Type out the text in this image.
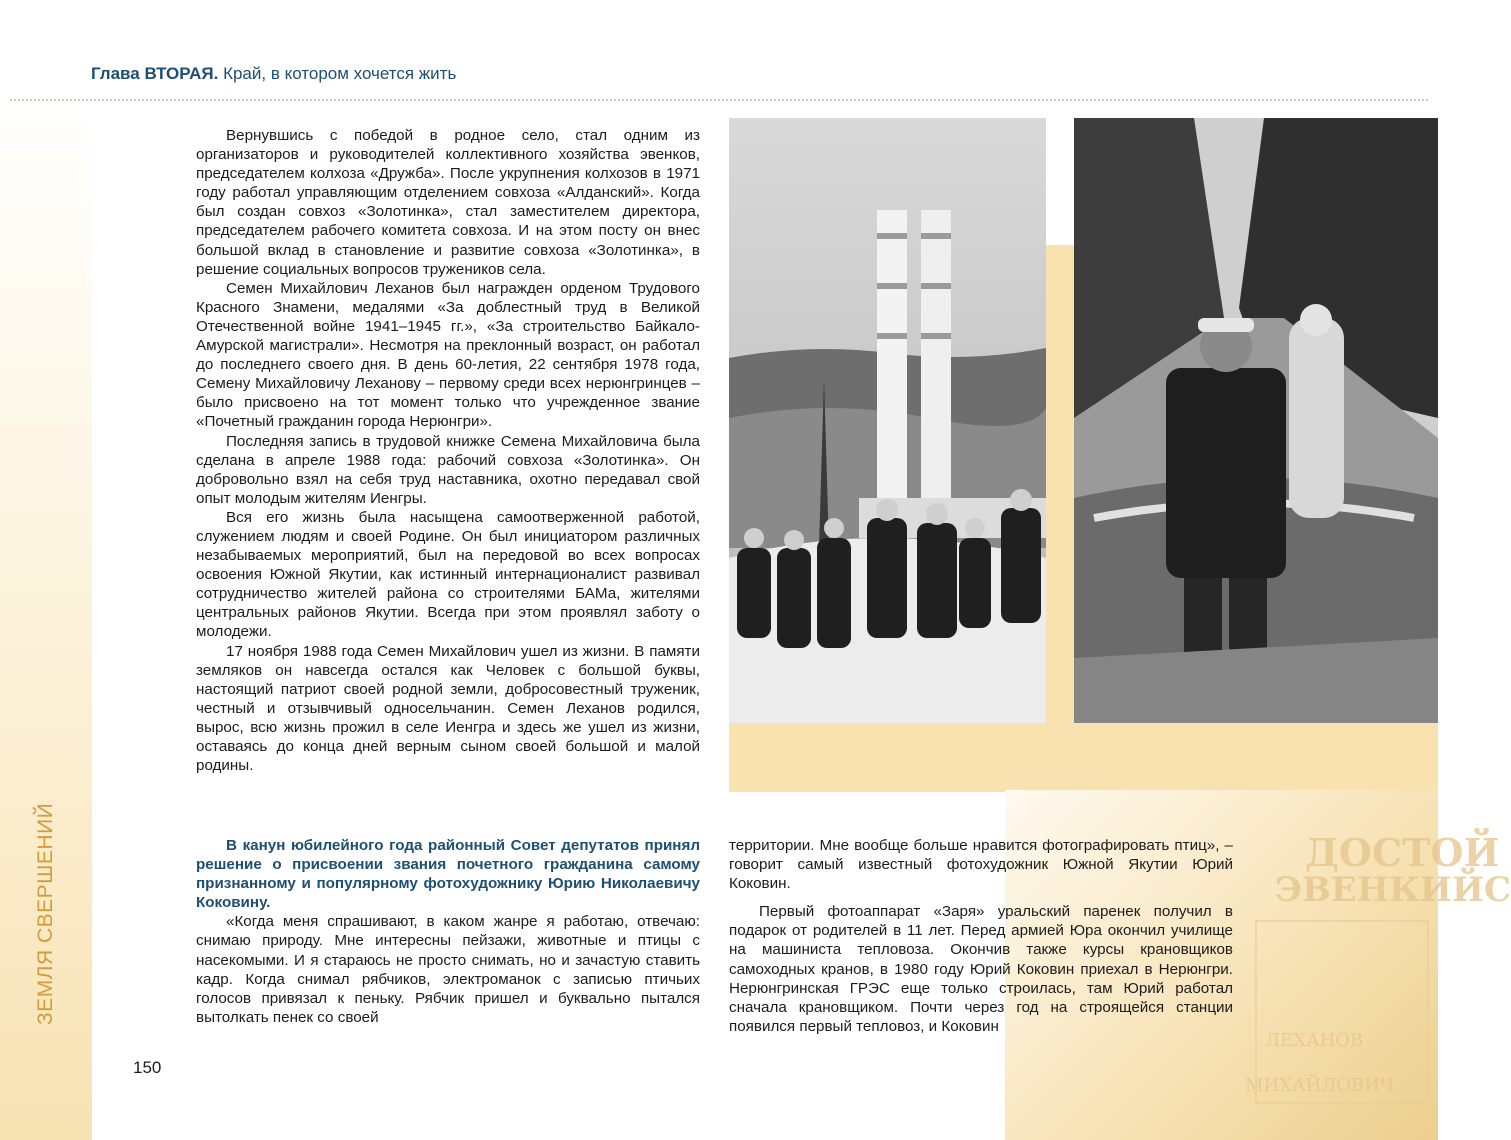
ЗЕМЛЯ СВЕРШЕНИЙ
Глава ВТОРАЯ. Край, в котором хочется жить
ДОСТОЙ
ЭВЕНКИЙС
ЛЕХАНОВ
МИХАЙЛОВИЧ

Вернувшись с победой в родное село, стал одним из организаторов и руководителей коллективного хозяйства эвенков, председателем колхоза «Дружба». После укрупнения колхозов в 1971 году работал управляющим отделением совхоза «Алданский». Когда был создан совхоз «Золотинка», стал заместителем директора, председателем рабочего комитета совхоза. И на этом посту он внес большой вклад в становление и развитие совхоза «Золотинка», в решение социальных вопросов тружеников села.

Семен Михайлович Леханов был награжден орденом Трудового Красного Знамени, медалями «За доблестный труд в Великой Отечественной войне 1941–1945 гг.», «За строительство Байкало-Амурской магистрали». Несмотря на преклонный возраст, он работал до последнего своего дня. В день 60-летия, 22 сентября 1978 года, Семену Михайловичу Леханову – первому среди всех нерюнгринцев – было присвоено на тот момент только что учрежденное звание «Почетный гражданин города Нерюнгри».

Последняя запись в трудовой книжке Семена Михайловича была сделана в апреле 1988 года: рабочий совхоза «Золотинка». Он добровольно взял на себя труд наставника, охотно передавал свой опыт молодым жителям Иенгры.

Вся его жизнь была насыщена самоотверженной работой, служением людям и своей Родине. Он был инициатором различных незабываемых мероприятий, был на передовой во всех вопросах освоения Южной Якутии, как истинный интернационалист развивал сотрудничество жителей района со строителями БАМа, жителями центральных районов Якутии. Всегда при этом проявлял заботу о молодежи.

17 ноября 1988 года Семен Михайлович ушел из жизни. В памяти земляков он навсегда остался как Человек с большой буквы, настоящий патриот своей родной земли, добросовестный труженик, честный и отзывчивый односельчанин. Семен Леханов родился, вырос, всю жизнь прожил в селе Иенгра и здесь же ушел из жизни, оставаясь до конца дней верным сыном своей большой и малой родины.

В канун юбилейного года районный Совет депутатов принял решение о присвоении звания почетного гражданина самому признанному и популярному фотохудожнику Юрию Николаевичу Коковину.

«Когда меня спрашивают, в каком жанре я работаю, отвечаю: снимаю природу. Мне интересны пейзажи, животные и птицы с насекомыми. И я стараюсь не просто снимать, но и зачастую ставить кадр. Когда снимал рябчиков, электроманок с записью птичьих голосов привязал к пеньку. Рябчик пришел и буквально пытался вытолкать пенек со своей

территории. Мне вообще больше нравится фотографировать птиц», – говорит самый известный фотохудожник Южной Якутии Юрий Коковин.

Первый фотоаппарат «Заря» уральский паренек получил в подарок от родителей в 11 лет. Перед армией Юра окончил училище на машиниста тепловоза. Окончив также курсы крановщиков самоходных кранов, в 1980 году Юрий Коковин приехал в Нерюнгри. Нерюнгринская ГРЭС еще только строилась, там Юрий работал сначала крановщиком. Почти через год на строящейся станции появился первый тепловоз, и Коковин

150
